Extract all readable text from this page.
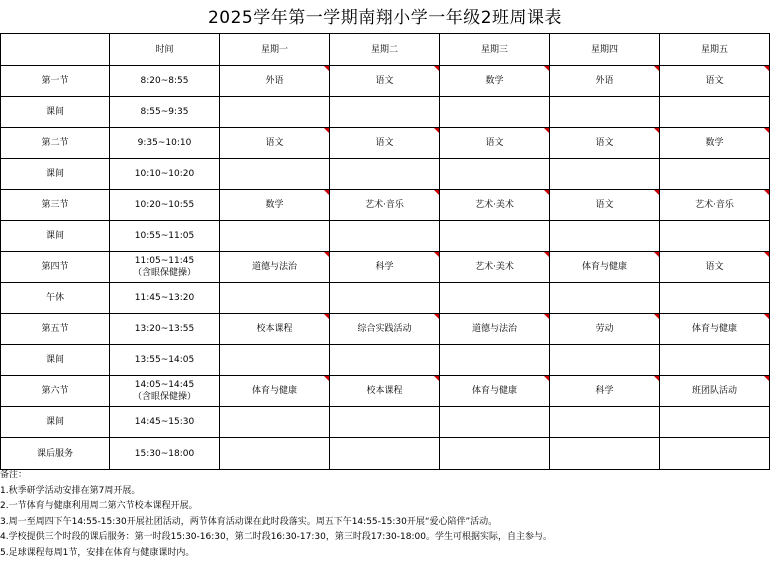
2025学年第一学期南翔小学一年级2班周课表
	时间	星期一	星期二	星期三	星期四	星期五
第一节	8:20~8:55	外语	语文	数学	外语	语文

课间	8:55~9:35					

第二节	9:35~10:10	语文	语文	语文	语文	数学

课间	10:10~10:20					

第三节	10:20~10:55	数学	艺术·音乐	艺术·美术	语文	艺术·音乐

课间	10:55~11:05					

第四节	11:05~11:45
（含眼保健操）	道德与法治	科学	艺术·美术	体育与健康	语文

午休	11:45~13:20					

第五节	13:20~13:55	校本课程	综合实践活动	道德与法治	劳动	体育与健康

课间	13:55~14:05					

第六节	14:05~14:45
（含眼保健操）	体育与健康	校本课程	体育与健康	科学	班团队活动

课间	14:45~15:30					

课后服务	15:30~18:00					

备注：
1.秋季研学活动安排在第7周开展。
2.一节体育与健康利用周二第六节校本课程开展。
3.周一至周四下午14:55-15:30开展社团活动，两节体育活动课在此时段落实。周五下午14:55-15:30开展“爱心陪伴”活动。
4.学校提供三个时段的课后服务：第一时段15:30-16:30，第二时段16:30-17:30，第三时段17:30-18:00。学生可根据实际，自主参与。
5.足球课程每周1节，安排在体育与健康课时内。
